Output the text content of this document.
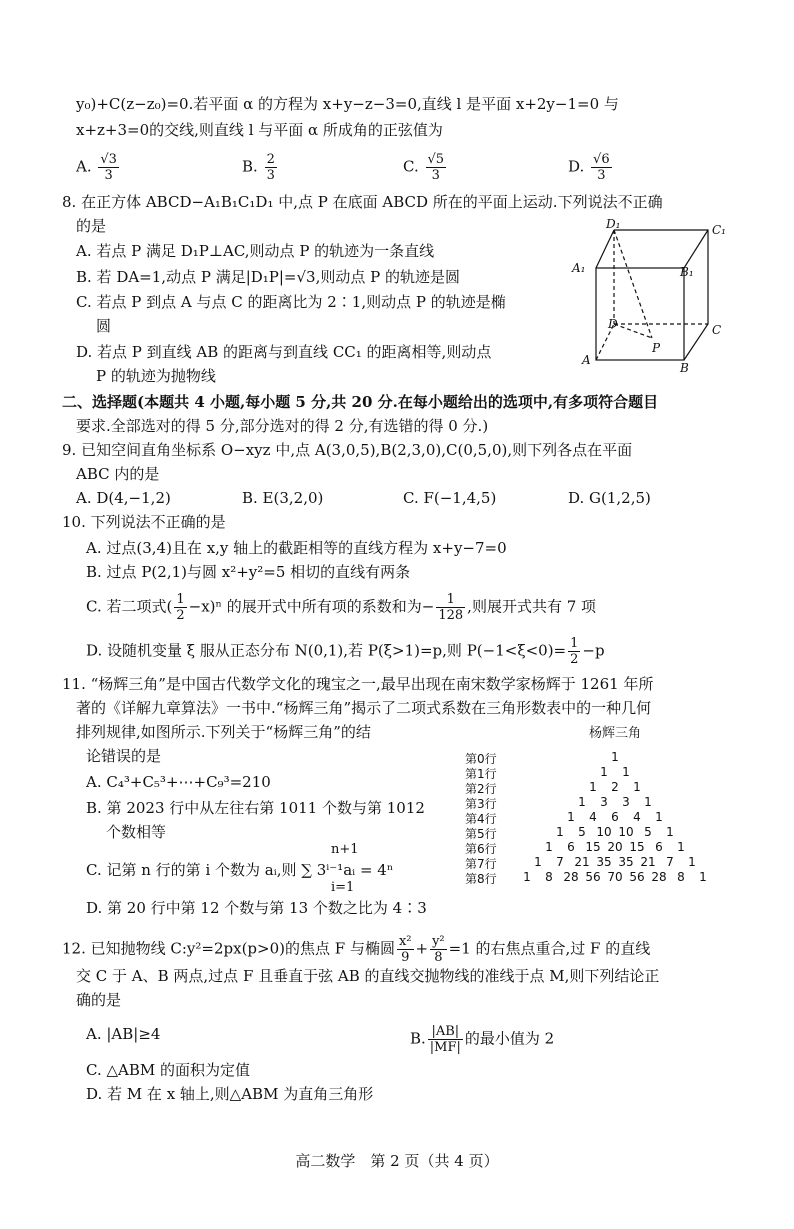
y₀)+C(z−z₀)=0.若平面 α 的方程为 x+y−z−3=0,直线 l 是平面 x+2y−1=0 与
x+z+3=0的交线,则直线 l 与平面 α 所成角的正弦值为
A. $\frac{√3}{3}$	B. $\frac{2}{3}$	C. $\frac{√5}{3}$	D. $\frac{√6}{3}$
8. 在正方体 ABCD−A₁B₁C₁D₁ 中,点 P 在底面 ABCD 所在的平面上运动.下列说法不正确
的是
A. 若点 P 满足 D₁P⊥AC,则动点 P 的轨迹为一条直线
B. 若 DA=1,动点 P 满足|D₁P|=√3,则动点 P 的轨迹是圆
C. 若点 P 到点 A 与点 C 的距离比为 2∶1,则动点 P 的轨迹是椭
圆
D. 若点 P 到直线 AB 的距离与到直线 CC₁ 的距离相等,则动点
P 的轨迹为抛物线
D₁	C₁
A₁	B₁
D	C
A
B
P
二、选择题(本题共 4 小题,每小题 5 分,共 20 分.在每小题给出的选项中,有多项符合题目
要求.全部选对的得 5 分,部分选对的得 2 分,有选错的得 0 分.)
9. 已知空间直角坐标系 O−xyz 中,点 A(3,0,5),B(2,3,0),C(0,5,0),则下列各点在平面
ABC 内的是
A. D(4,−1,2)	B. E(3,2,0)	C. F(−1,4,5)	D. G(1,2,5)
10. 下列说法不正确的是
A. 过点(3,4)且在 x,y 轴上的截距相等的直线方程为 x+y−7=0
B. 过点 P(2,1)与圆 x²+y²=5 相切的直线有两条
C. 若二项式( $\frac{1}{2} -x)^n$ 的展开式中所有项的系数和为− $\frac{1}{128}$ ,则展开式共有 7 项
D. 设随机变量 ξ 服从正态分布 N(0,1),若 P(ξ>1)=p,则 $P(-1<\xi<0)= \frac{1}{2} -p$
11. “杨辉三角”是中国古代数学文化的瑰宝之一,最早出现在南宋数学家杨辉于 1261 年所
著的《详解九章算法》一书中.“杨辉三角”揭示了二项式系数在三角形数表中的一种几何
排列规律,如图所示.下列关于“杨辉三角”的结
论错误的是
A. C₄³+C₅³+⋯+C₉³=210
B. 第 2023 行中从左往右第 1011 个数与第 1012
个数相等
C. 记第 n 行的第 i 个数为 aᵢ,则 ∑ 3ⁱ⁻¹aᵢ = 4ⁿ
n+1
i=1
D. 第 20 行中第 12 个数与第 13 个数之比为 4∶3
杨辉三角
第0行	1
第1行	1 1
第2行	1 2 1
第3行	1 3 3 1
第4行	1 4 6 4 1
第5行	1 5 10 10 5 1
第6行	1 6 15 20 15 6 1
第7行	1 7 21 35 35 21 7 1
第8行 1 8 28 56 70 56 28 8 1
12. 已知抛物线 C:y²=2px(p>0)的焦点 F 与椭圆 $\frac{\text{x²}}{9} + \frac{\text{y²}}{8} =1$ 的右焦点重合,过 F 的直线
交 C 于 A、B 两点,过点 F 且垂直于弦 AB 的直线交抛物线的准线于点 M,则下列结论正
确的是
A. |AB|≥4	B. $\frac{|AB|}{|MF|}$ 的最小值为 2
C. △ABM 的面积为定值
D. 若 M 在 x 轴上,则△ABM 为直角三角形
高二数学　第 2 页（共 4 页）
